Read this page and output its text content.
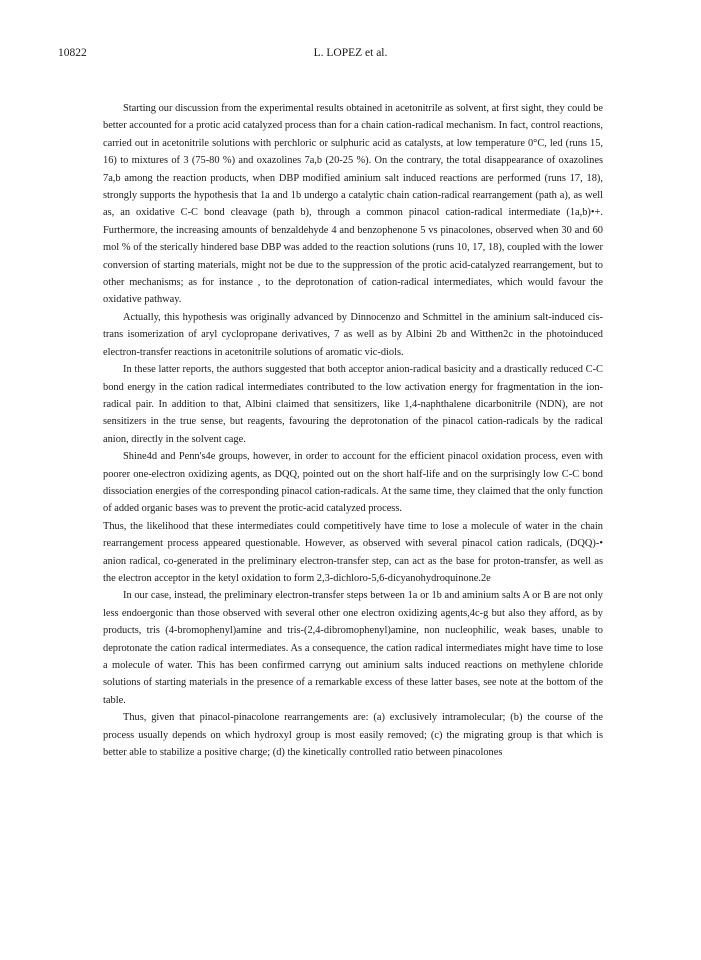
10822	L. LOPEZ et al.

Starting our discussion from the experimental results obtained in acetonitrile as solvent, at first sight, they could be better accounted for a protic acid catalyzed process than for a chain cation-radical mechanism. In fact, control reactions, carried out in acetonitrile solutions with perchloric or sulphuric acid as catalysts, at low temperature 0°C, led (runs 15, 16) to mixtures of 3 (75-80 %) and oxazolines 7a,b (20-25 %). On the contrary, the total disappearance of oxazolines 7a,b among the reaction products, when DBP modified aminium salt induced reactions are performed (runs 17, 18), strongly supports the hypothesis that 1a and 1b undergo a catalytic chain cation-radical rearrangement (path a), as well as, an oxidative C-C bond cleavage (path b), through a common pinacol cation-radical intermediate (1a,b)•+. Furthermore, the increasing amounts of benzaldehyde 4 and benzophenone 5 vs pinacolones, observed when 30 and 60 mol % of the sterically hindered base DBP was added to the reaction solutions (runs 10, 17, 18), coupled with the lower conversion of starting materials, might not be due to the suppression of the protic acid-catalyzed rearrangement, but to other mechanisms; as for instance , to the deprotonation of cation-radical intermediates, which would favour the oxidative pathway.

Actually, this hypothesis was originally advanced by Dinnocenzo and Schmittel in the aminium salt-induced cis-trans isomerization of aryl cyclopropane derivatives, 7 as well as by Albini 2b and Witthen2c in the photoinduced electron-transfer reactions in acetonitrile solutions of aromatic vic-diols.

In these latter reports, the authors suggested that both acceptor anion-radical basicity and a drastically reduced C-C bond energy in the cation radical intermediates contributed to the low activation energy for fragmentation in the ion-radical pair. In addition to that, Albini claimed that sensitizers, like 1,4-naphthalene dicarbonitrile (NDN), are not sensitizers in the true sense, but reagents, favouring the deprotonation of the pinacol cation-radicals by the radical anion, directly in the solvent cage.

Shine4d and Penn's4e groups, however, in order to account for the efficient pinacol oxidation process, even with poorer one-electron oxidizing agents, as DQQ, pointed out on the short half-life and on the surprisingly low C-C bond dissociation energies of the corresponding pinacol cation-radicals. At the same time, they claimed that the only function of added organic bases was to prevent the protic-acid catalyzed process.

Thus, the likelihood that these intermediates could competitively have time to lose a molecule of water in the chain rearrangement process appeared questionable. However, as observed with several pinacol cation radicals, (DQQ)-• anion radical, co-generated in the preliminary electron-transfer step, can act as the base for proton-transfer, as well as the electron acceptor in the ketyl oxidation to form 2,3-dichloro-5,6-dicyanohydroquinone.2e

In our case, instead, the preliminary electron-transfer steps between 1a or 1b and aminium salts A or B are not only less endoergonic than those observed with several other one electron oxidizing agents,4c-g but also they afford, as by products, tris (4-bromophenyl)amine and tris-(2,4-dibromophenyl)amine, non nucleophilic, weak bases, unable to deprotonate the cation radical intermediates. As a consequence, the cation radical intermediates might have time to lose a molecule of water. This has been confirmed carryng out aminium salts induced reactions on methylene chloride solutions of starting materials in the presence of a remarkable excess of these latter bases, see note at the bottom of the table.

Thus, given that pinacol-pinacolone rearrangements are: (a) exclusively intramolecular; (b) the course of the process usually depends on which hydroxyl group is most easily removed; (c) the migrating group is that which is better able to stabilize a positive charge; (d) the kinetically controlled ratio between pinacolones
